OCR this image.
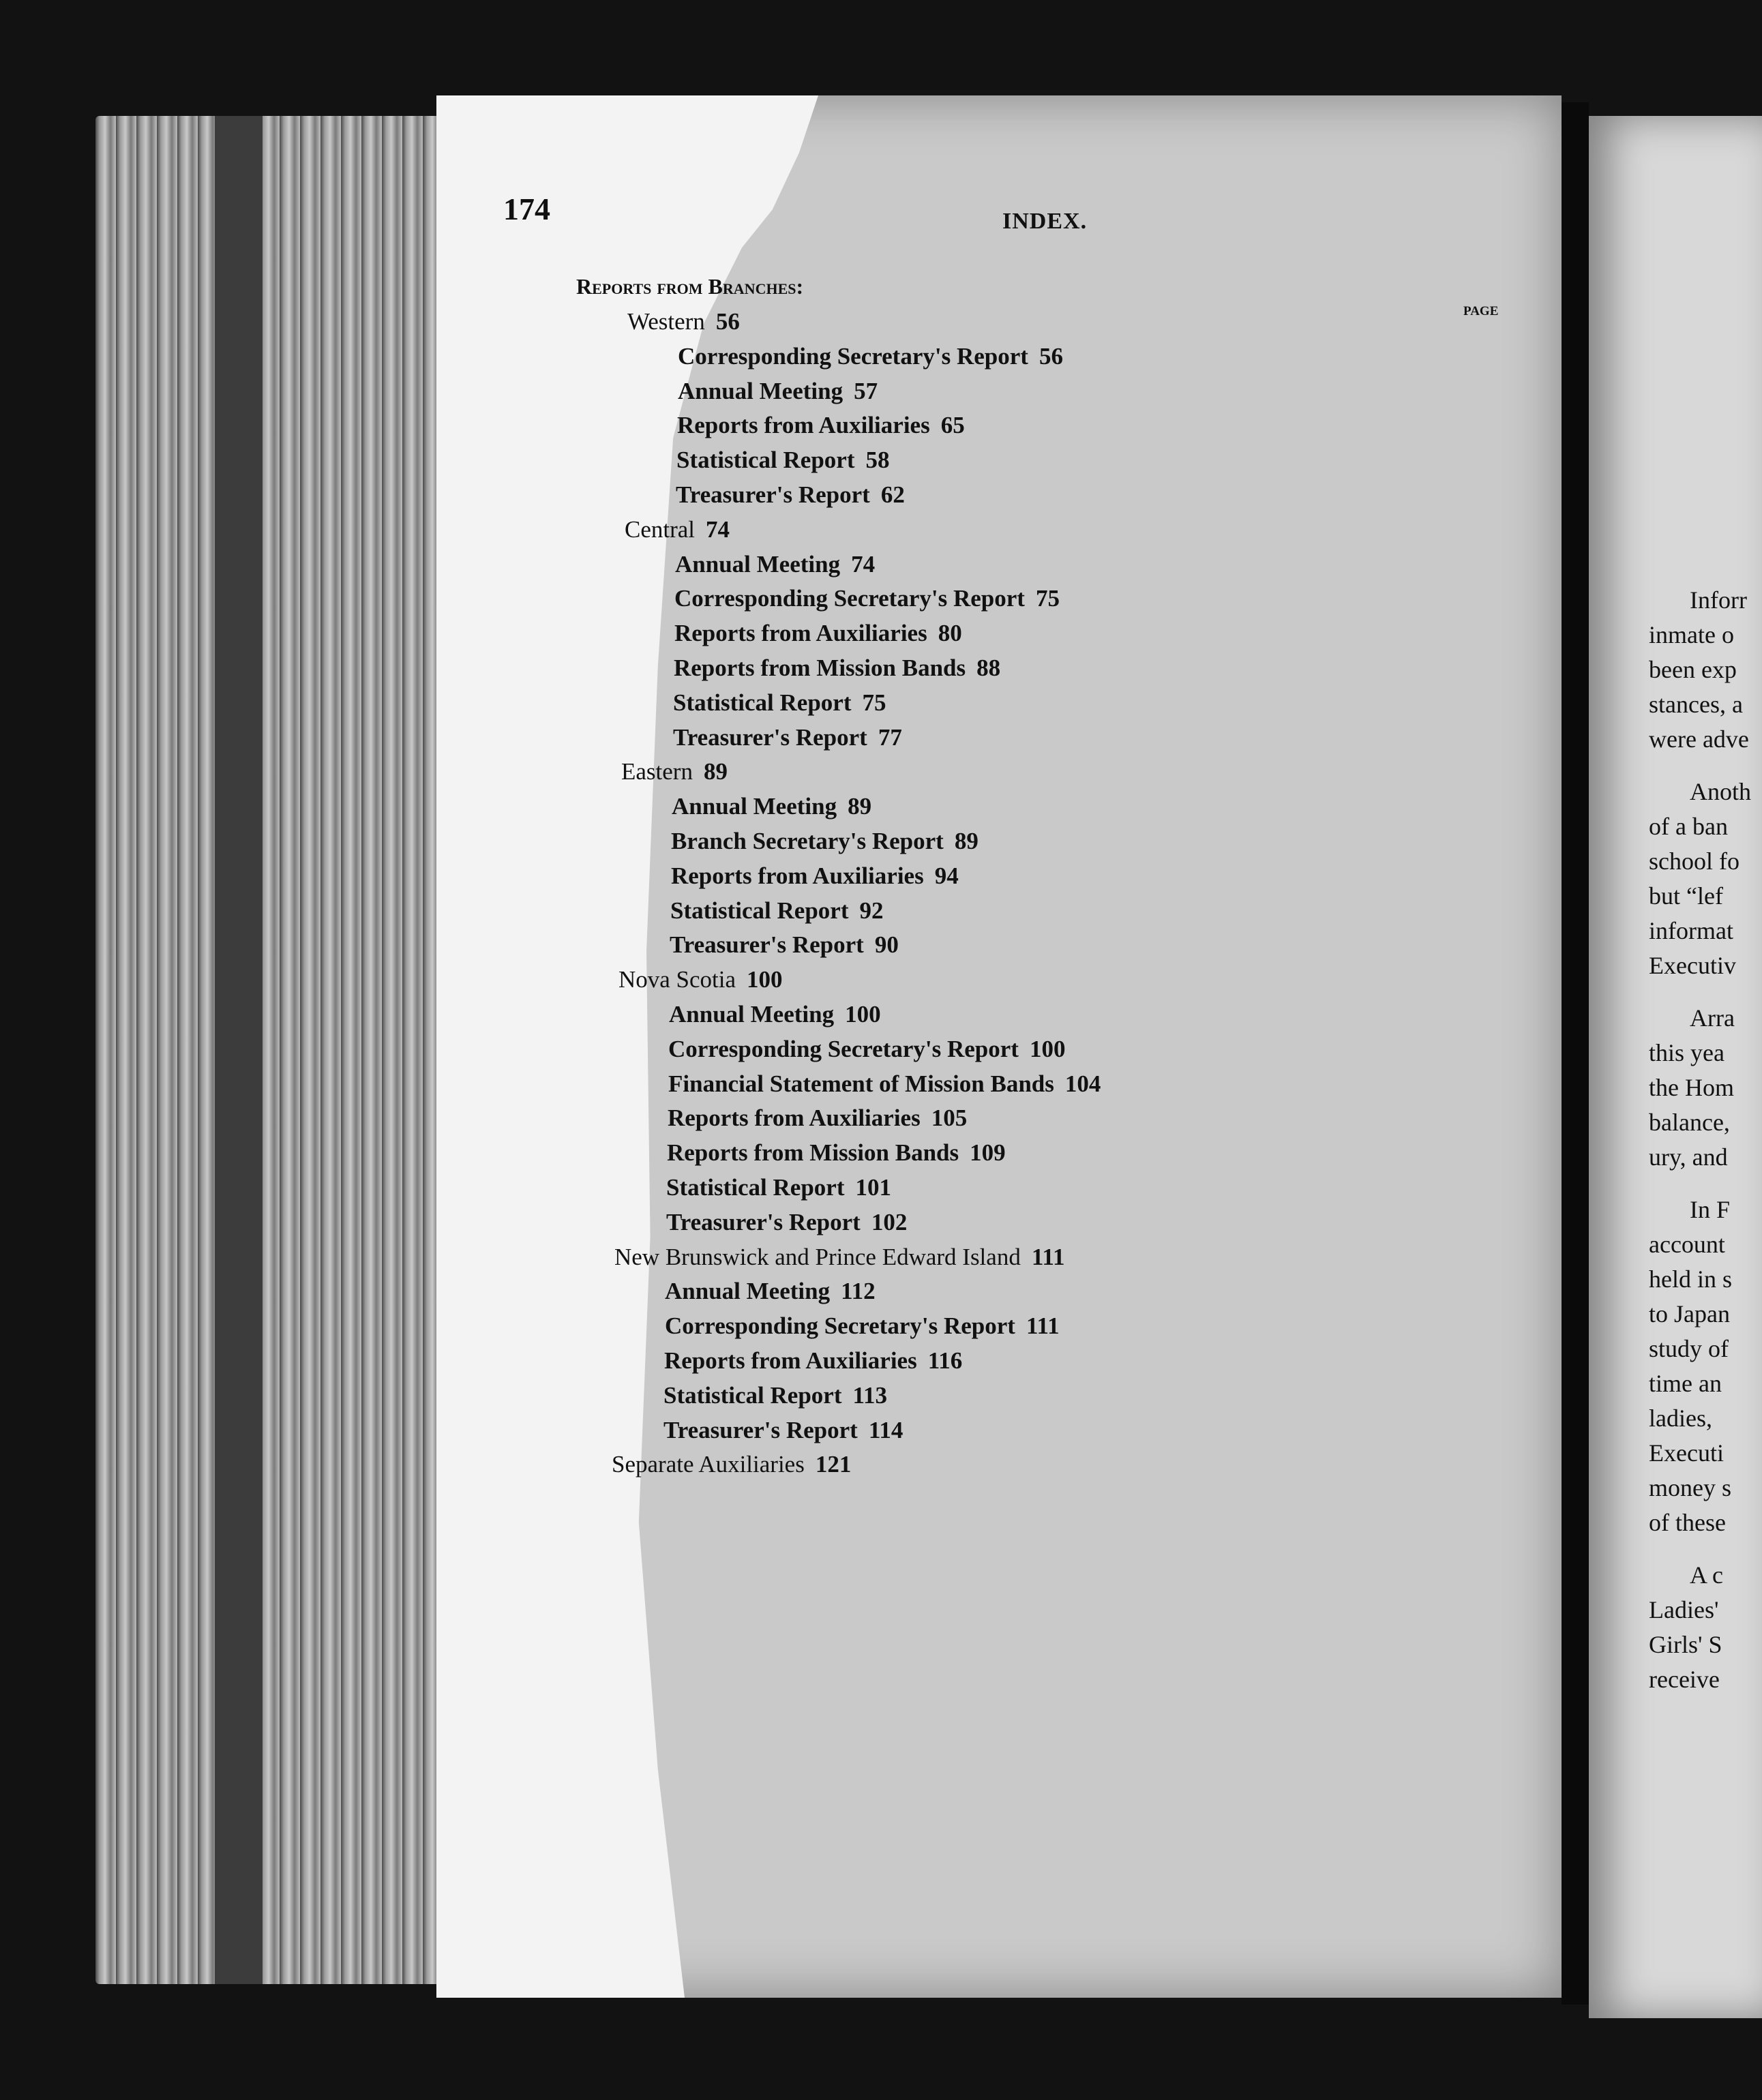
174	INDEX.
Reports from Branches:
PAGE
Western 56
Corresponding Secretary's Report 56
Annual Meeting 57
Reports from Auxiliaries 65
Statistical Report 58
Treasurer's Report 62
Central 74
Annual Meeting 74
Corresponding Secretary's Report 75
Reports from Auxiliaries 80
Reports from Mission Bands 88
Statistical Report 75
Treasurer's Report 77
Eastern 89
Annual Meeting 89
Branch Secretary's Report 89
Reports from Auxiliaries 94
Statistical Report 92
Treasurer's Report 90
Nova Scotia 100
Annual Meeting 100
Corresponding Secretary's Report 100
Financial Statement of Mission Bands 104
Reports from Auxiliaries 105
Reports from Mission Bands 109
Statistical Report 101
Treasurer's Report 102
New Brunswick and Prince Edward Island 111
Annual Meeting 112
Corresponding Secretary's Report 111
Reports from Auxiliaries 116
Statistical Report 113
Treasurer's Report 114
Separate Auxiliaries 121
Inforr
inmate o
been exp
stances, a
were adve
Anoth
of a ban
school fo
but “lef
informat
Executiv
Arra
this yea
the Hom
balance,
ury, and
In F
account
held in s
to Japan
study of
time an
ladies,
Executi
money s
of these
A c
Ladies'
Girls' S
receive
